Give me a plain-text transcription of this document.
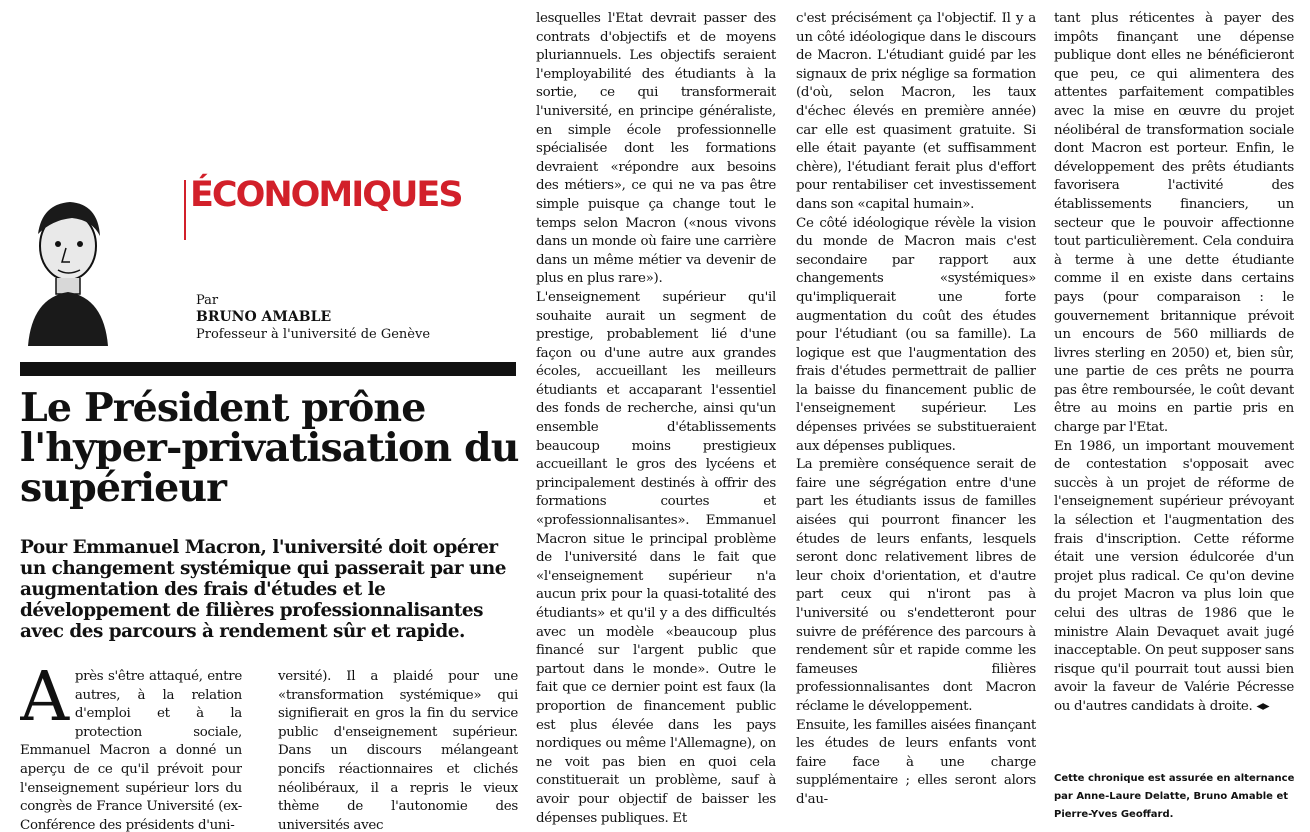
ÉCONOMIQUES
Par
BRUNO AMABLE
Professeur à l'université de Genève
Le Président prône l'hyper-privatisation du supérieur

Pour Emmanuel Macron, l'université doit opérer un changement systémique qui passerait par une augmentation des frais d'études et le développement de filières professionnalisantes avec des parcours à rendement sûr et rapide.

A près s'être attaqué, entre autres, à la relation d'emploi et à la protection sociale, Emmanuel Macron a donné un aperçu de ce qu'il prévoit pour l'enseignement supérieur lors du congrès de France Université (ex-Conférence des présidents d'uni-

versité). Il a plaidé pour une «transformation systémique» qui signifierait en gros la fin du service public d'enseignement supérieur. Dans un discours mélangeant poncifs réactionnaires et clichés néolibéraux, il a repris le vieux thème de l'autonomie des universités avec

lesquelles l'Etat devrait passer des contrats d'objectifs et de moyens pluriannuels. Les objectifs seraient l'employabilité des étudiants à la sortie, ce qui transformerait l'université, en principe généraliste, en simple école professionnelle spécialisée dont les formations devraient «répondre aux besoins des métiers», ce qui ne va pas être simple puisque ça change tout le temps selon Macron («nous vivons dans un monde où faire une carrière dans un même métier va devenir de plus en plus rare»).

L'enseignement supérieur qu'il souhaite aurait un segment de prestige, probablement lié d'une façon ou d'une autre aux grandes écoles, accueillant les meilleurs étudiants et accaparant l'essentiel des fonds de recherche, ainsi qu'un ensemble d'établissements beaucoup moins prestigieux accueillant le gros des lycéens et principalement destinés à offrir des formations courtes et «professionnalisantes». Emmanuel Macron situe le principal problème de l'université dans le fait que «l'enseignement supérieur n'a aucun prix pour la quasi-totalité des étudiants» et qu'il y a des difficultés avec un modèle «beaucoup plus financé sur l'argent public que partout dans le monde». Outre le fait que ce dernier point est faux (la proportion de financement public est plus élevée dans les pays nordiques ou même l'Allemagne), on ne voit pas bien en quoi cela constituerait un problème, sauf à avoir pour objectif de baisser les dépenses publiques. Et

c'est précisément ça l'objectif. Il y a un côté idéologique dans le discours de Macron. L'étudiant guidé par les signaux de prix néglige sa formation (d'où, selon Macron, les taux d'échec élevés en première année) car elle est quasiment gratuite. Si elle était payante (et suffisamment chère), l'étudiant ferait plus d'effort pour rentabiliser cet investissement dans son «capital humain».

Ce côté idéologique révèle la vision du monde de Macron mais c'est secondaire par rapport aux changements «systémiques» qu'impliquerait une forte augmentation du coût des études pour l'étudiant (ou sa famille). La logique est que l'augmentation des frais d'études permettrait de pallier la baisse du financement public de l'enseignement supérieur. Les dépenses privées se substitueraient aux dépenses publiques.

La première conséquence serait de faire une ségrégation entre d'une part les étudiants issus de familles aisées qui pourront financer les études de leurs enfants, lesquels seront donc relativement libres de leur choix d'orientation, et d'autre part ceux qui n'iront pas à l'université ou s'endetteront pour suivre de préférence des parcours à rendement sûr et rapide comme les fameuses filières professionnalisantes dont Macron réclame le développement.

Ensuite, les familles aisées finançant les études de leurs enfants vont faire face à une charge supplémentaire ; elles seront alors d'au-

tant plus réticentes à payer des impôts finançant une dépense publique dont elles ne bénéficieront que peu, ce qui alimentera des attentes parfaitement compatibles avec la mise en œuvre du projet néolibéral de transformation sociale dont Macron est porteur. Enfin, le développement des prêts étudiants favorisera l'activité des établissements financiers, un secteur que le pouvoir affectionne tout particulièrement. Cela conduira à terme à une dette étudiante comme il en existe dans certains pays (pour comparaison : le gouvernement britannique prévoit un encours de 560 milliards de livres sterling en 2050) et, bien sûr, une partie de ces prêts ne pourra pas être remboursée, le coût devant être au moins en partie pris en charge par l'Etat.

En 1986, un important mouvement de contestation s'opposait avec succès à un projet de réforme de l'enseignement supérieur prévoyant la sélection et l'augmentation des frais d'inscription. Cette réforme était une version édulcorée d'un projet plus radical. Ce qu'on devine du projet Macron va plus loin que celui des ultras de 1986 que le ministre Alain Devaquet avait jugé inacceptable. On peut supposer sans risque qu'il pourrait tout aussi bien avoir la faveur de Valérie Pécresse ou d'autres candidats à droite. ◂▸

Cette chronique est assurée en alternance par Anne-Laure Delatte, Bruno Amable et Pierre-Yves Geoffard.
